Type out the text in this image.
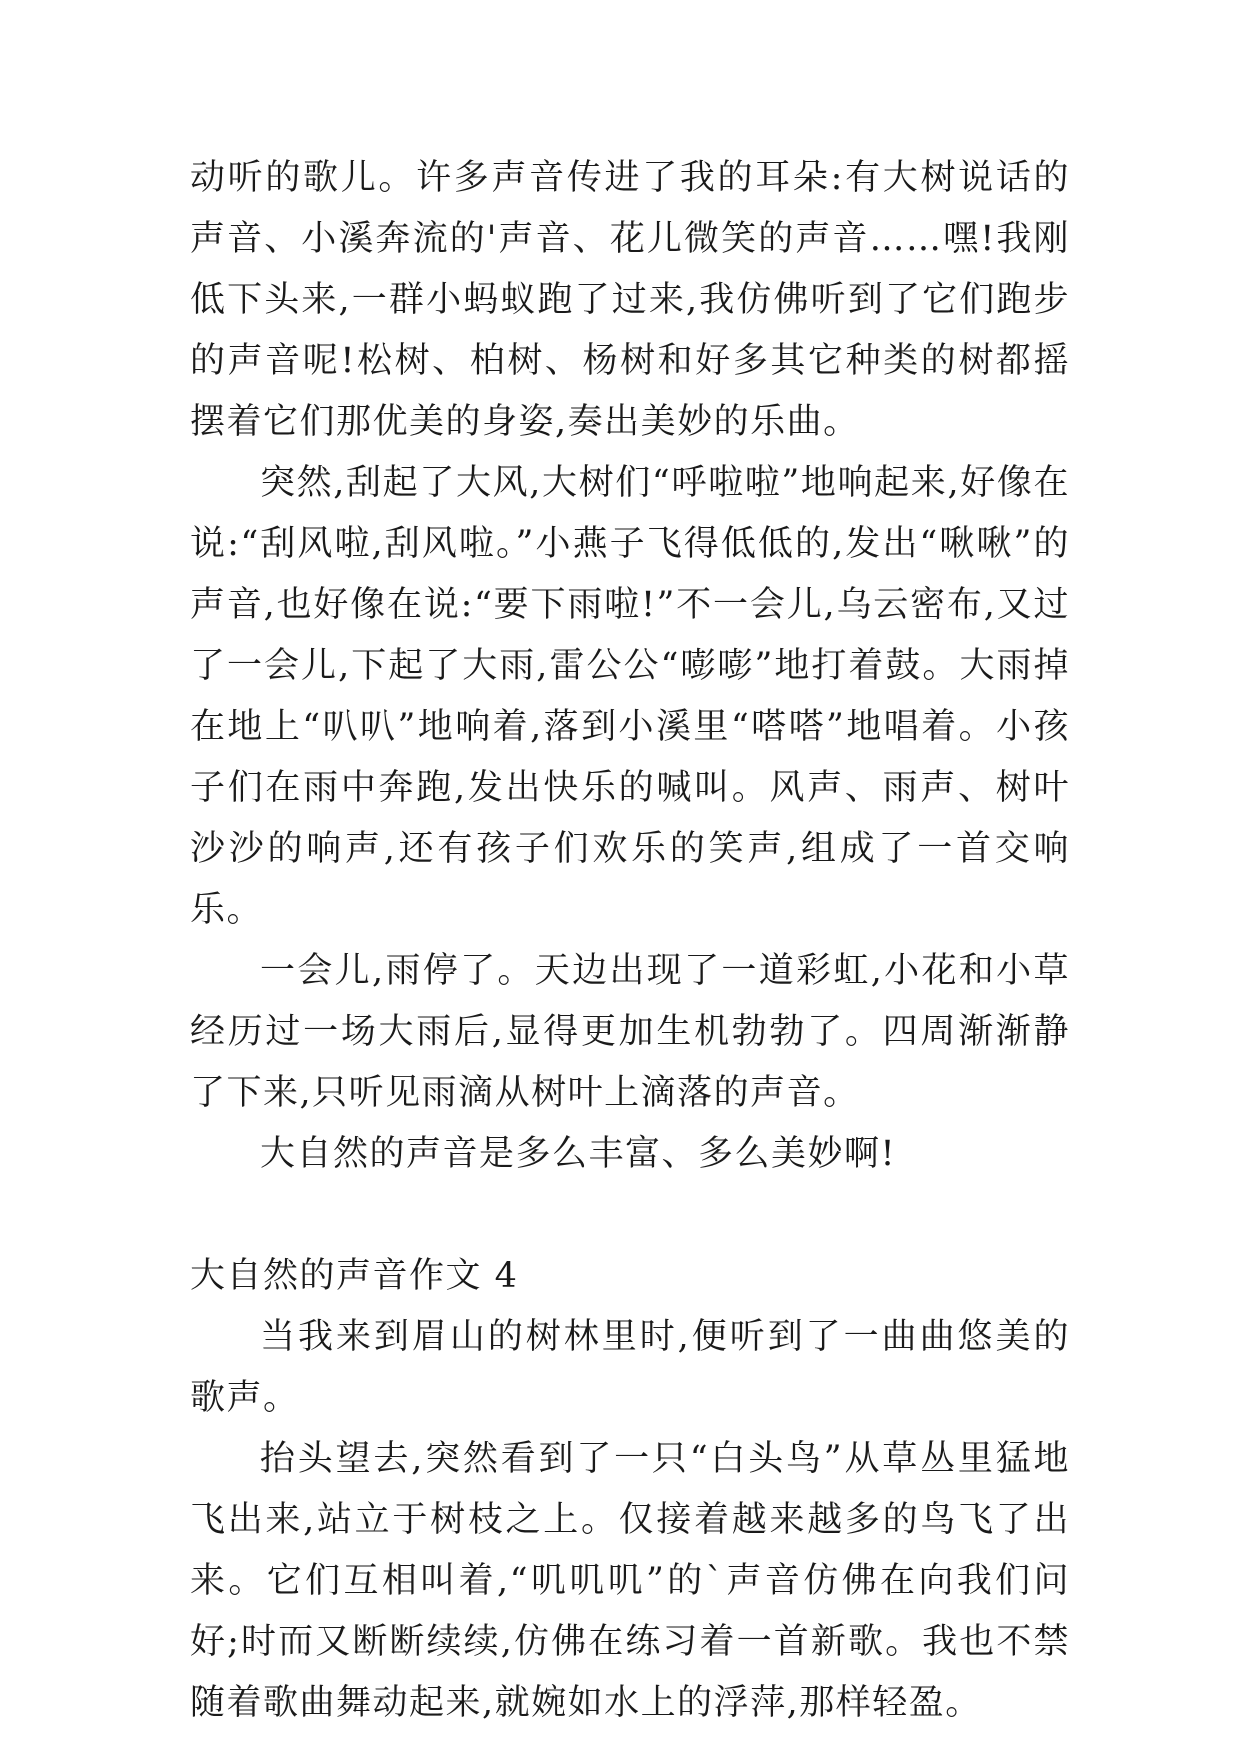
动听的歌儿。许多声音传进了我的耳朵:有大树说话的声音、小溪奔流的'声音、花儿微笑的声音……嘿!我刚低下头来,一群小蚂蚁跑了过来,我仿佛听到了它们跑步的声音呢!松树、柏树、杨树和好多其它种类的树都摇摆着它们那优美的身姿,奏出美妙的乐曲。

突然,刮起了大风,大树们“呼啦啦”地响起来,好像在说:“刮风啦,刮风啦。”小燕子飞得低低的,发出“啾啾”的声音,也好像在说:“要下雨啦!”不一会儿,乌云密布,又过了一会儿,下起了大雨,雷公公“嘭嘭”地打着鼓。大雨掉在地上“叭叭”地响着,落到小溪里“嗒嗒”地唱着。小孩子们在雨中奔跑,发出快乐的喊叫。风声、雨声、树叶沙沙的响声,还有孩子们欢乐的笑声,组成了一首交响乐。

一会儿,雨停了。天边出现了一道彩虹,小花和小草经历过一场大雨后,显得更加生机勃勃了。四周渐渐静了下来,只听见雨滴从树叶上滴落的声音。

大自然的声音是多么丰富、多么美妙啊!

大自然的声音作文 4

当我来到眉山的树林里时,便听到了一曲曲悠美的歌声。

抬头望去,突然看到了一只“白头鸟”从草丛里猛地飞出来,站立于树枝之上。仅接着越来越多的鸟飞了出来。它们互相叫着,“叽叽叽”的`声音仿佛在向我们问好;时而又断断续续,仿佛在练习着一首新歌。我也不禁随着歌曲舞动起来,就婉如水上的浮萍,那样轻盈。
